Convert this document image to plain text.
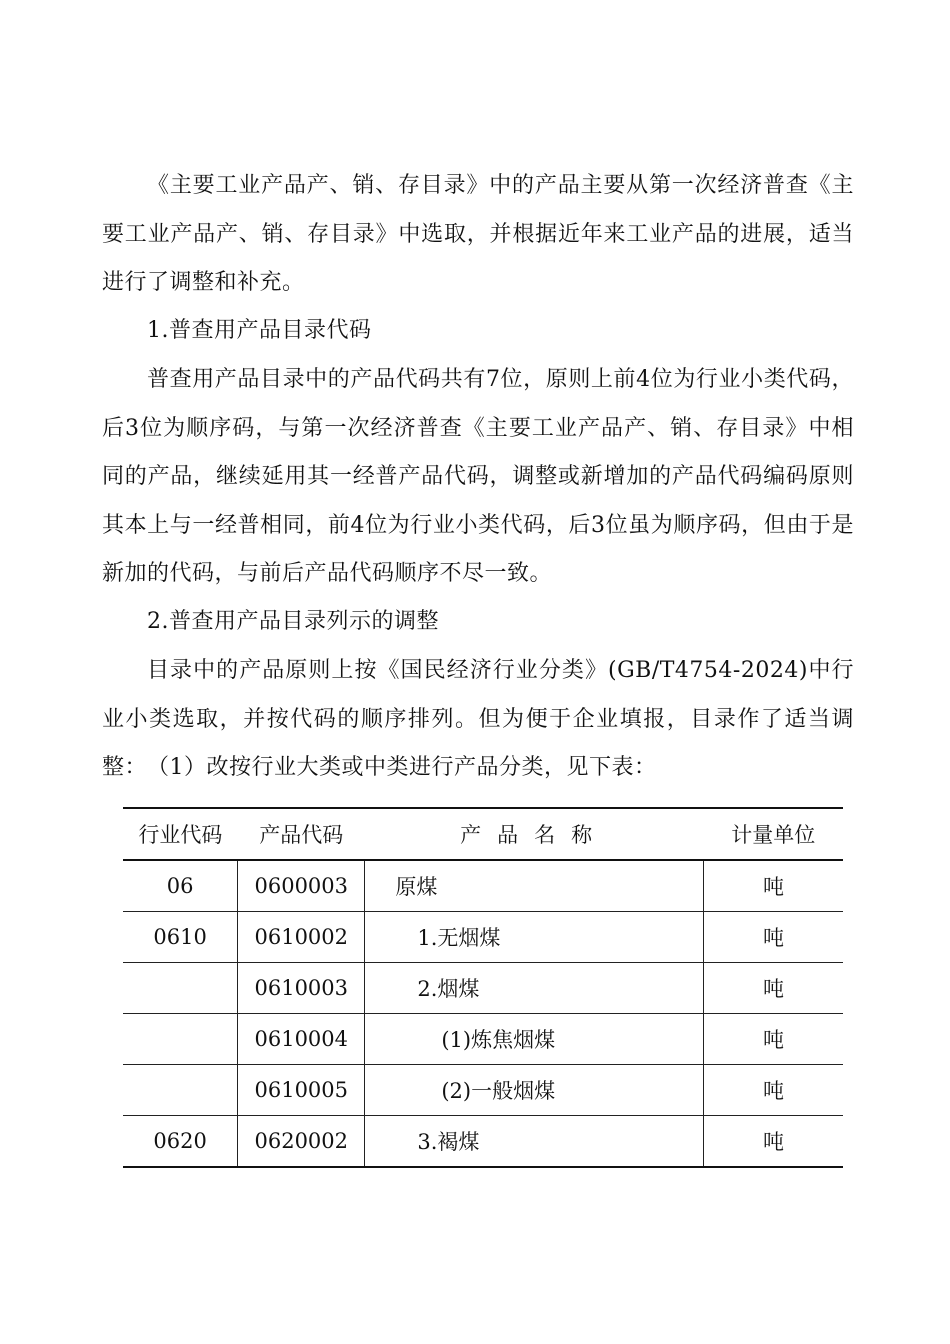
《主要工业产品产、销、存目录》中的产品主要从第一次经济普查《主要工业产品产、销、存目录》中选取，并根据近年来工业产品的进展，适当进行了调整和补充。

1.普查用产品目录代码

普查用产品目录中的产品代码共有7位，原则上前4位为行业小类代码，后3位为顺序码，与第一次经济普查《主要工业产品产、销、存目录》中相同的产品，继续延用其一经普产品代码，调整或新增加的产品代码编码原则其本上与一经普相同，前4位为行业小类代码，后3位虽为顺序码，但由于是新加的代码，与前后产品代码顺序不尽一致。

2.普查用产品目录列示的调整

目录中的产品原则上按《国民经济行业分类》(GB/T4754-2024)中行业小类选取，并按代码的顺序排列。但为便于企业填报，目录作了适当调整： （1）改按行业大类或中类进行产品分类，见下表：

行业代码	产品代码	产品名称	计量单位
06	0600003	原煤	吨
0610	0610002	1.无烟煤	吨
	0610003	2.烟煤	吨
	0610004	(1)炼焦烟煤	吨
	0610005	(2)一般烟煤	吨
0620	0620002	3.褐煤	吨
